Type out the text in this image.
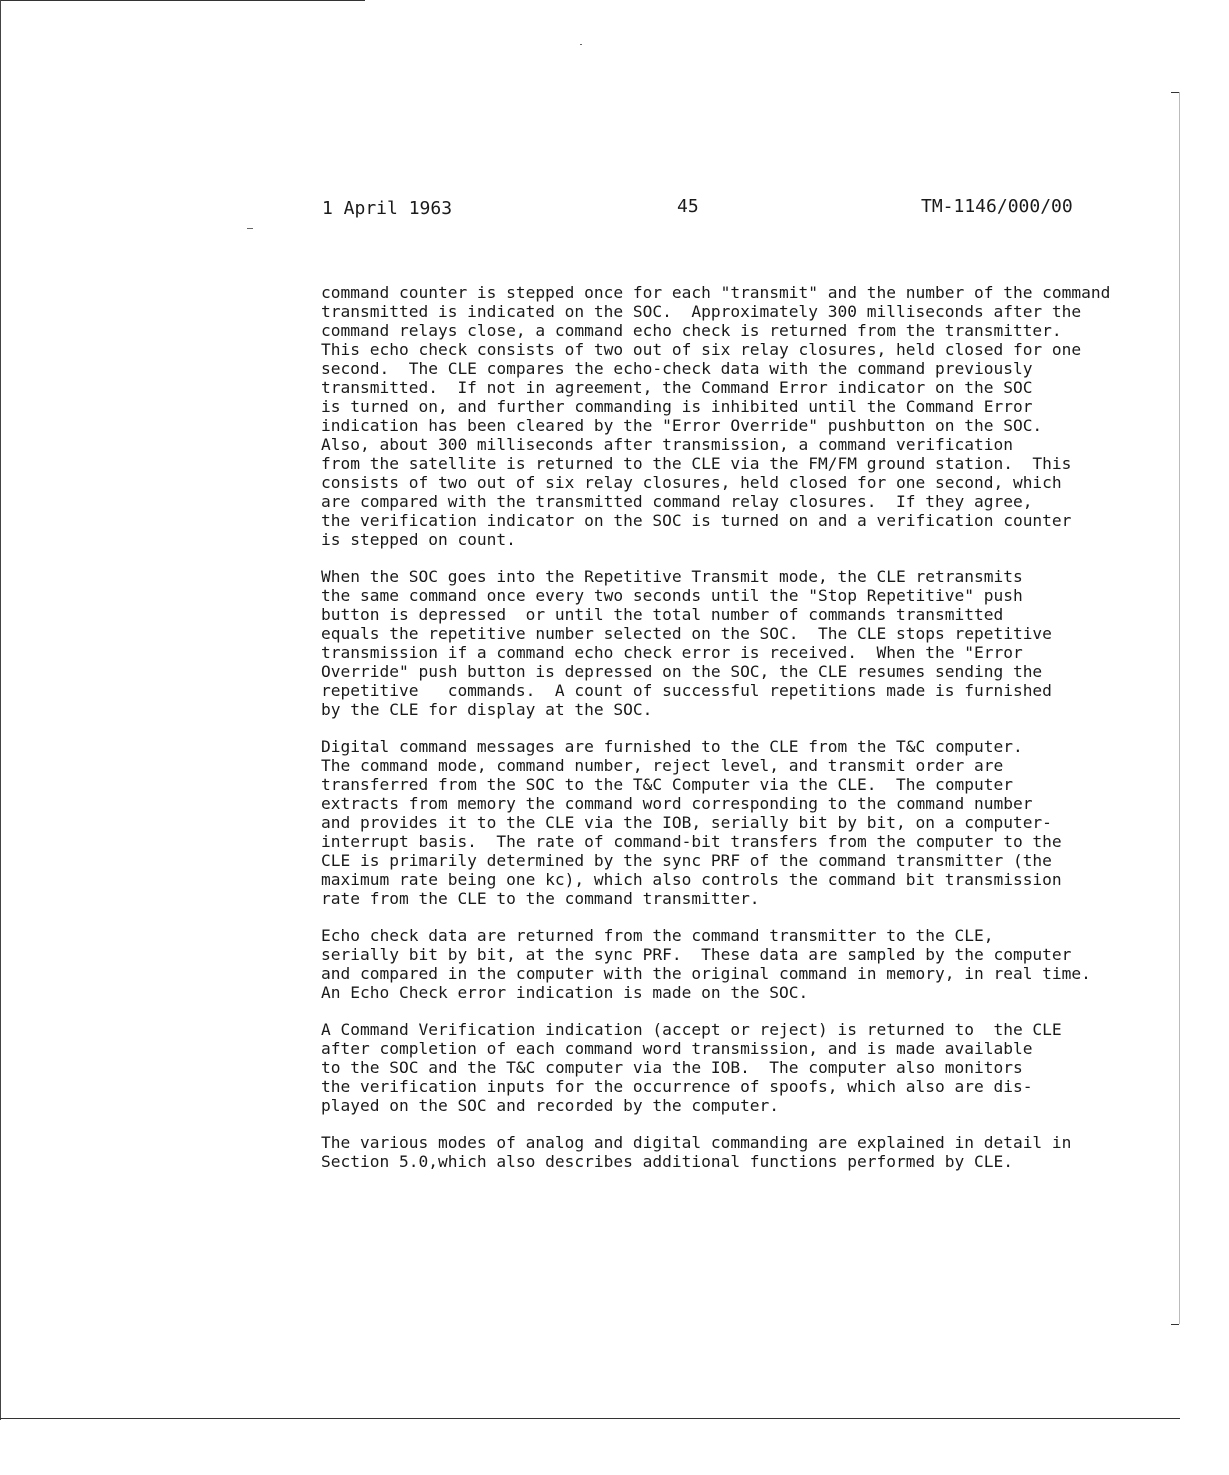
1 April 1963	45	TM-1146/000/00
command counter is stepped once for each "transmit" and the number of the command
transmitted is indicated on the SOC.  Approximately 300 milliseconds after the
command relays close, a command echo check is returned from the transmitter.
This echo check consists of two out of six relay closures, held closed for one
second.  The CLE compares the echo-check data with the command previously
transmitted.  If not in agreement, the Command Error indicator on the SOC
is turned on, and further commanding is inhibited until the Command Error
indication has been cleared by the "Error Override" pushbutton on the SOC.
Also, about 300 milliseconds after transmission, a command verification
from the satellite is returned to the CLE via the FM/FM ground station.  This
consists of two out of six relay closures, held closed for one second, which
are compared with the transmitted command relay closures.  If they agree,
the verification indicator on the SOC is turned on and a verification counter
is stepped on count.
When the SOC goes into the Repetitive Transmit mode, the CLE retransmits
the same command once every two seconds until the "Stop Repetitive" push
button is depressed  or until the total number of commands transmitted
equals the repetitive number selected on the SOC.  The CLE stops repetitive
transmission if a command echo check error is received.  When the "Error
Override" push button is depressed on the SOC, the CLE resumes sending the
repetitive   commands.  A count of successful repetitions made is furnished
by the CLE for display at the SOC.
Digital command messages are furnished to the CLE from the T&C computer.
The command mode, command number, reject level, and transmit order are
transferred from the SOC to the T&C Computer via the CLE.  The computer
extracts from memory the command word corresponding to the command number
and provides it to the CLE via the IOB, serially bit by bit, on a computer-
interrupt basis.  The rate of command-bit transfers from the computer to the
CLE is primarily determined by the sync PRF of the command transmitter (the
maximum rate being one kc), which also controls the command bit transmission
rate from the CLE to the command transmitter.
Echo check data are returned from the command transmitter to the CLE,
serially bit by bit, at the sync PRF.  These data are sampled by the computer
and compared in the computer with the original command in memory, in real time.
An Echo Check error indication is made on the SOC.
A Command Verification indication (accept or reject) is returned to  the CLE
after completion of each command word transmission, and is made available
to the SOC and the T&C computer via the IOB.  The computer also monitors
the verification inputs for the occurrence of spoofs, which also are dis-
played on the SOC and recorded by the computer.
The various modes of analog and digital commanding are explained in detail in
Section 5.0,which also describes additional functions performed by CLE.
